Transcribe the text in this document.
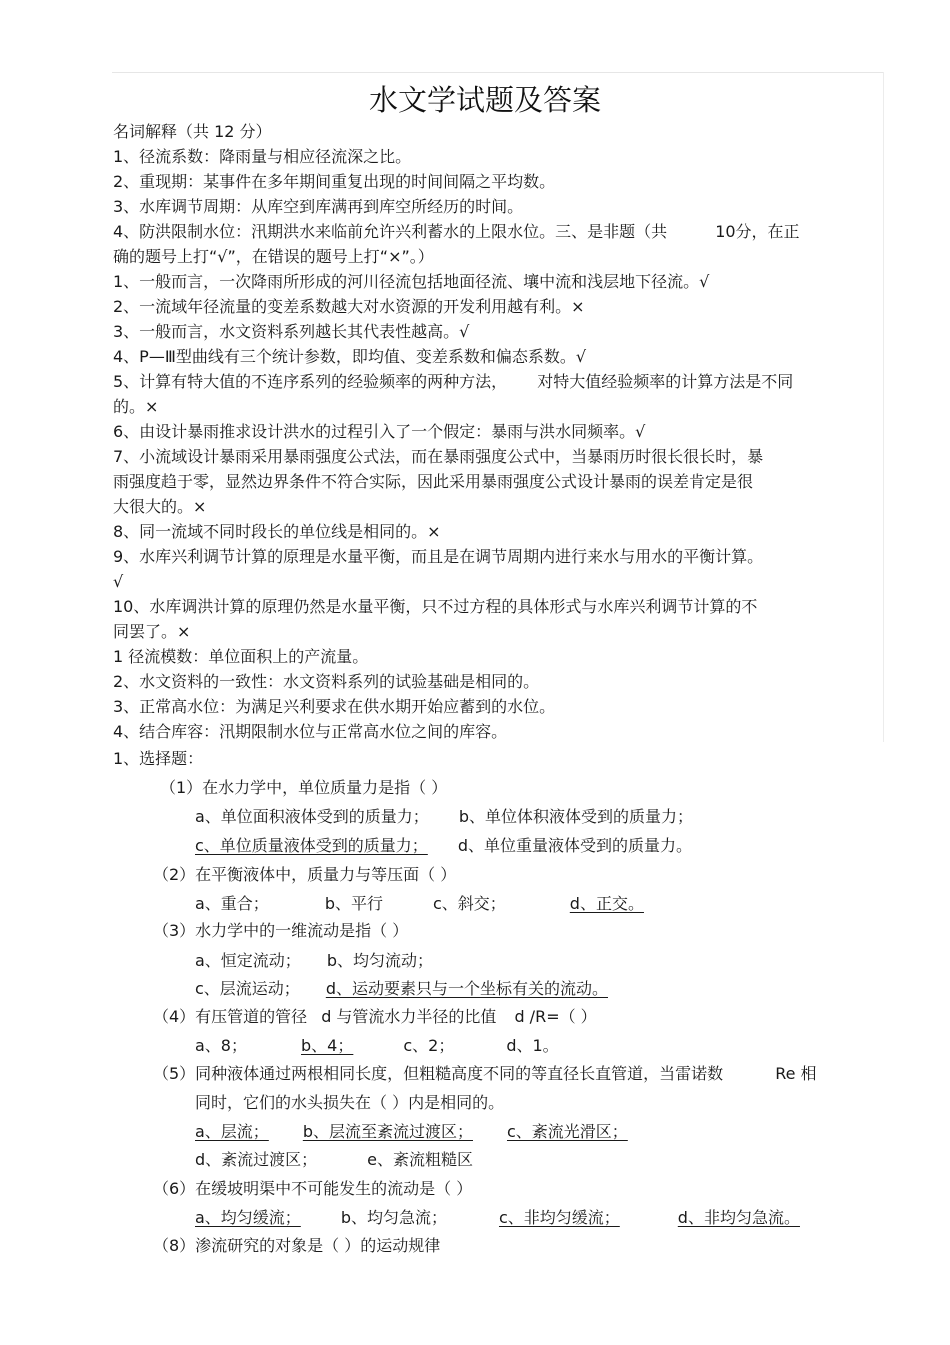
水文学试题及答案
名词解释（共 12 分）
1、径流系数：降雨量与相应径流深之比。
2、重现期：某事件在多年期间重复出现的时间间隔之平均数。
3、水库调节周期：从库空到库满再到库空所经历的时间。
4、防洪限制水位：汛期洪水来临前允许兴利蓄水的上限水位。三、是非题（共	10分，在正
确的题号上打“√”，在错误的题号上打“×”。）
1、一般而言，一次降雨所形成的河川径流包括地面径流、壤中流和浅层地下径流。√
2、一流域年径流量的变差系数越大对水资源的开发利用越有利。×
3、一般而言，水文资料系列越长其代表性越高。√
4、P—Ⅲ型曲线有三个统计参数，即均值、变差系数和偏态系数。√
5、计算有特大值的不连序系列的经验频率的两种方法， 对特大值经验频率的计算方法是不同
的。×
6、由设计暴雨推求设计洪水的过程引入了一个假定：暴雨与洪水同频率。√
7、小流域设计暴雨采用暴雨强度公式法，而在暴雨强度公式中，当暴雨历时很长很长时，暴
雨强度趋于零，显然边界条件不符合实际，因此采用暴雨强度公式设计暴雨的误差肯定是很
大很大的。×
8、同一流域不同时段长的单位线是相同的。×
9、水库兴利调节计算的原理是水量平衡，而且是在调节周期内进行来水与用水的平衡计算。
√
10、水库调洪计算的原理仍然是水量平衡，只不过方程的具体形式与水库兴利调节计算的不
同罢了。×
1 径流模数：单位面积上的产流量。
2、水文资料的一致性：水文资料系列的试验基础是相同的。
3、正常高水位：为满足兴利要求在供水期开始应蓄到的水位。
4、结合库容：汛期限制水位与正常高水位之间的库容。
1、选择题：
（1）在水力学中，单位质量力是指（ ）
a、单位面积液体受到的质量力； b、单位体积液体受到的质量力；
c、单位质量液体受到的质量力； d、单位重量液体受到的质量力。
（2）在平衡液体中，质量力与等压面（ ）
a、重合；	b、平行	c、斜交；	d、正交。
（3）水力学中的一维流动是指（ ）
a、恒定流动； b、均匀流动；
c、层流运动； d、运动要素只与一个坐标有关的流动。
（4）有压管道的管径 d 与管流水力半径的比值 d /R=（ ）
a、8；	b、4；	c、2；	d、1。
（5）同种液体通过两根相同长度，但粗糙高度不同的等直径长直管道，当雷诺数	Re 相
同时，它们的水头损失在（ ）内是相同的。
a、层流； b、层流至紊流过渡区； c、紊流光滑区；
d、紊流过渡区；	e、紊流粗糙区
（6）在缓坡明渠中不可能发生的流动是（ ）
a、均匀缓流；	b、均匀急流；	c、非均匀缓流；	d、非均匀急流。
（8）渗流研究的对象是（ ）的运动规律
